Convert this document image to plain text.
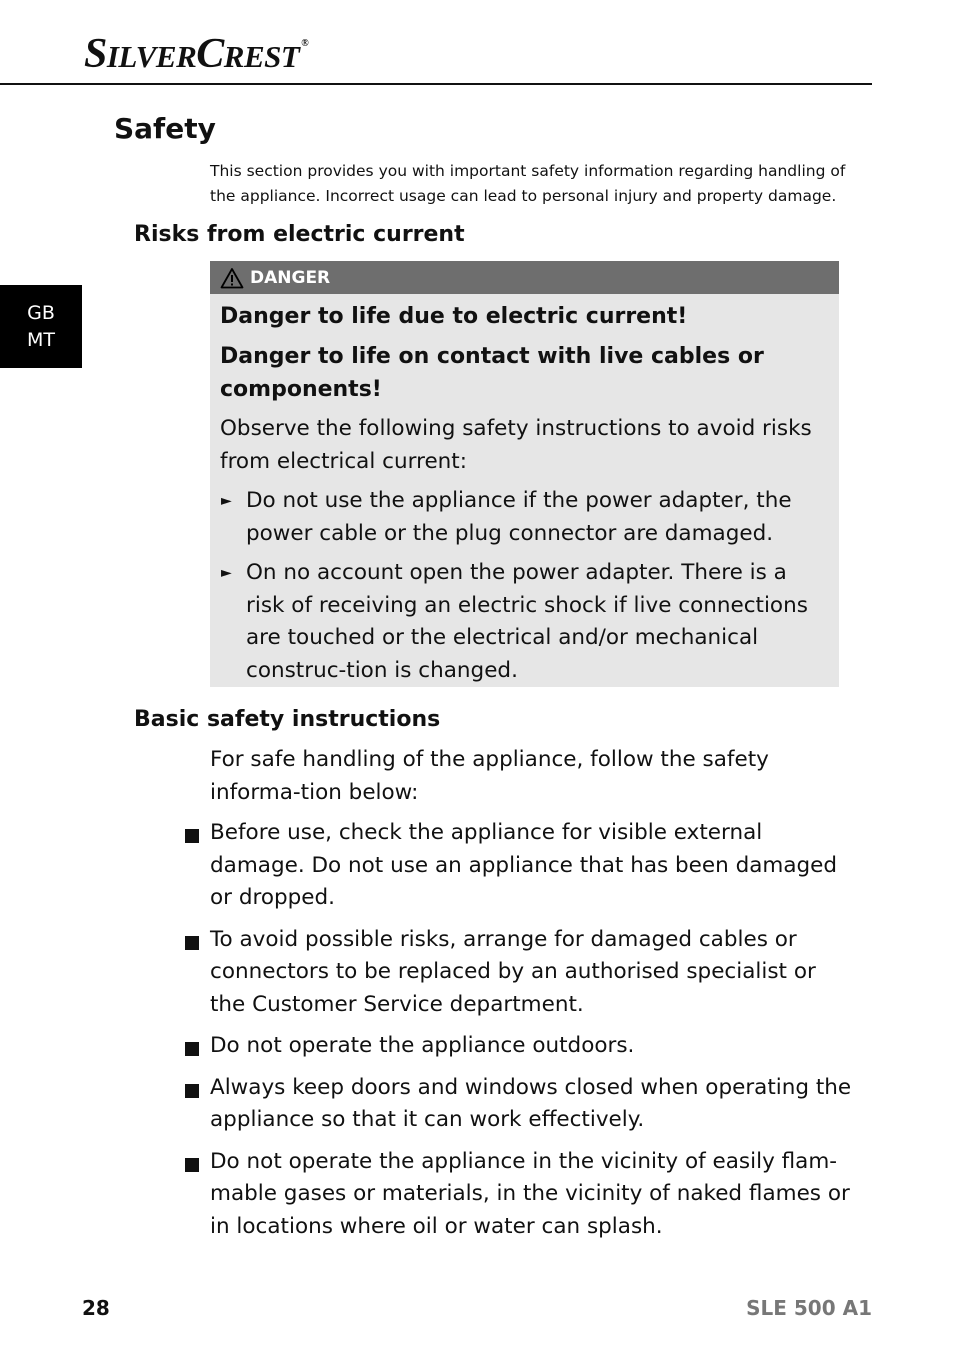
SILVERCREST ®
GB
MT
Safety

This section provides you with important safety information regarding handling of the appliance. Incorrect usage can lead to personal injury and property damage.

Risks from electric current
DANGER

Danger to life due to electric current!

Danger to life on contact with live cables or components!

Observe the following safety instructions to avoid risks from electrical current:

► Do not use the appliance if the power adapter, the power cable or the plug connector are damaged.
► On no account open the power adapter. There is a risk of receiving an electric shock if live connections are touched or the electrical and/or mechanical construc-tion is changed.
Basic safety instructions

For safe handling of the appliance, follow the safety informa-tion below:

Before use, check the appliance for visible external damage. Do not use an appliance that has been damaged or dropped.
To avoid possible risks, arrange for damaged cables or connectors to be replaced by an authorised specialist or the Customer Service department.
Do not operate the appliance outdoors.
Always keep doors and windows closed when operating the appliance so that it can work effectively.
Do not operate the appliance in the vicinity of easily flam-mable gases or materials, in the vicinity of naked flames or in locations where oil or water can splash.
28	SLE 500 A1
